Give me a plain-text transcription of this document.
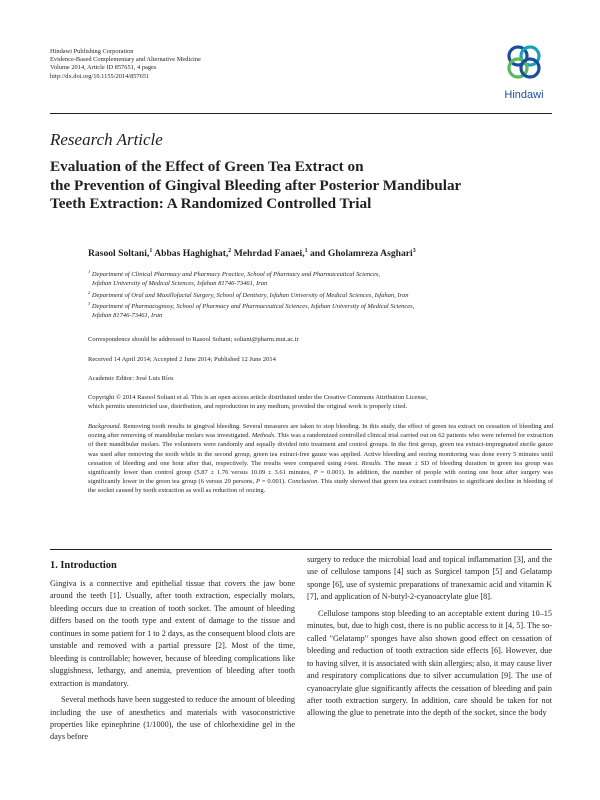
Hindawi Publishing Corporation
Evidence-Based Complementary and Alternative Medicine
Volume 2014, Article ID 857651, 4 pages
http://dx.doi.org/10.1155/2014/857651
Hindawi
Research Article
Evaluation of the Effect of Green Tea Extract on
the Prevention of Gingival Bleeding after Posterior Mandibular
Teeth Extraction: A Randomized Controlled Trial
Rasool Soltani,$^1$ Abbas Haghighat,$^2$ Mehrdad Fanaei,$^1$ and Gholamreza Asghari$^3$
$^1$ Department of Clinical Pharmacy and Pharmacy Practice, School of Pharmacy and Pharmaceutical Sciences,
Isfahan University of Medical Sciences, Isfahan 81746-73461, Iran
$^2$ Department of Oral and Maxillofacial Surgery, School of Dentistry, Isfahan University of Medical Sciences, Isfahan, Iran
$^3$ Department of Pharmacognosy, School of Pharmacy and Pharmaceutical Sciences, Isfahan University of Medical Sciences,
Isfahan 81746-73461, Iran
Correspondence should be addressed to Rasool Soltani; soltani@pharm.mui.ac.ir
Received 14 April 2014; Accepted 2 June 2014; Published 12 June 2014
Academic Editor: José Luis Ríos
Copyright © 2014 Rasool Soltani et al. This is an open access article distributed under the Creative Commons Attribution License,
which permits unrestricted use, distribution, and reproduction in any medium, provided the original work is properly cited.
Background. Removing tooth results in gingival bleeding. Several measures are taken to stop bleeding. In this study, the effect of green tea extract on cessation of bleeding and oozing after removing of mandibular molars was investigated. Methods. This was a randomized controlled clinical trial carried out on 62 patients who were referred for extraction of their mandibular molars. The volunteers were randomly and equally divided into treatment and control groups. In the first group, green tea extract-impregnated sterile gauze was used after removing the tooth while in the second group, green tea extract-free gauze was applied. Active bleeding and oozing monitoring was done every 5 minutes until cessation of bleeding and one hour after that, respectively. The results were compared using t-test. Results. The mean ± SD of bleeding duration in green tea group was significantly lower than control group (5.87 ± 1.76 versus 10.09 ± 3.61 minutes, P = 0.001). In addition, the number of people with oozing one hour after surgery was significantly lower in the green tea group (6 versus 29 persons, P = 0.001). Conclusion. This study showed that green tea extract contributes to significant decline in bleeding of the socket caused by tooth extraction as well as reduction of oozing.
1. Introduction

Gingiva is a connective and epithelial tissue that covers the jaw bone around the teeth [1]. Usually, after tooth extraction, especially molars, bleeding occurs due to creation of tooth socket. The amount of bleeding differs based on the tooth type and extent of damage to the tissue and continues in some patient for 1 to 2 days, as the consequent blood clots are unstable and removed with a partial pressure [2]. Most of the time, bleeding is controllable; however, because of bleeding complications like sluggishness, lethargy, and anemia, prevention of bleeding after tooth extraction is mandatory.

Several methods have been suggested to reduce the amount of bleeding including the use of anesthetics and materials with vasoconstrictive properties like epinephrine (1/1000), the use of chlorhexidine gel in the days before

surgery to reduce the microbial load and topical inflammation [3], and the use of cellulose tampons [4] such as Surgicel tampon [5] and Gelatamp sponge [6], use of systemic preparations of tranexamic acid and vitamin K [7], and application of N-butyl-2-cyanoacrylate glue [8].

Cellulose tampons stop bleeding to an acceptable extent during 10–15 minutes, but, due to high cost, there is no public access to it [4, 5]. The so-called "Gelatamp" sponges have also shown good effect on cessation of bleeding and reduction of tooth extraction side effects [6]. However, due to having silver, it is associated with skin allergies; also, it may cause liver and respiratory complications due to silver accumulation [9]. The use of cyanoacrylate glue significantly affects the cessation of bleeding and pain after tooth extraction surgery. In addition, care should be taken for not allowing the glue to penetrate into the depth of the socket, since the body
